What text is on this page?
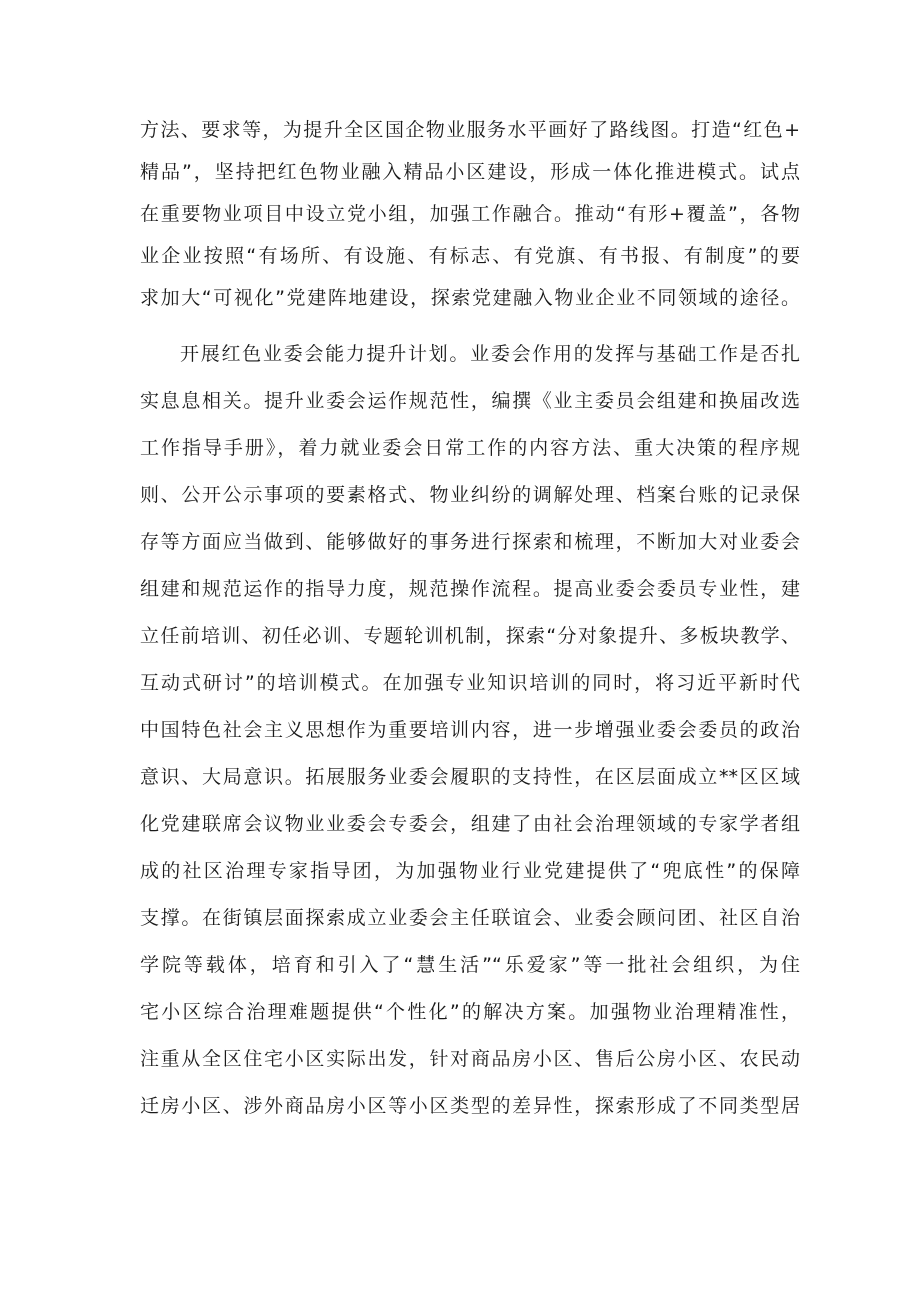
方法、要求等，为提升全区国企物业服务水平画好了路线图。打造“红色+
精品”，坚持把红色物业融入精品小区建设，形成一体化推进模式。试点
在重要物业项目中设立党小组，加强工作融合。推动“有形+覆盖”，各物
业企业按照“有场所、有设施、有标志、有党旗、有书报、有制度”的要
求加大“可视化”党建阵地建设，探索党建融入物业企业不同领域的途径。
开展红色业委会能力提升计划。业委会作用的发挥与基础工作是否扎
实息息相关。提升业委会运作规范性，编撰《业主委员会组建和换届改选
工作指导手册》，着力就业委会日常工作的内容方法、重大决策的程序规
则、公开公示事项的要素格式、物业纠纷的调解处理、档案台账的记录保
存等方面应当做到、能够做好的事务进行探索和梳理，不断加大对业委会
组建和规范运作的指导力度，规范操作流程。提高业委会委员专业性，建
立任前培训、初任必训、专题轮训机制，探索“分对象提升、多板块教学、
互动式研讨”的培训模式。在加强专业知识培训的同时，将习近平新时代
中国特色社会主义思想作为重要培训内容，进一步增强业委会委员的政治
意识、大局意识。拓展服务业委会履职的支持性，在区层面成立**区区域
化党建联席会议物业业委会专委会，组建了由社会治理领域的专家学者组
成的社区治理专家指导团，为加强物业行业党建提供了“兜底性”的保障
支撑。在街镇层面探索成立业委会主任联谊会、业委会顾问团、社区自治
学院等载体，培育和引入了“慧生活”“乐爱家”等一批社会组织，为住
宅小区综合治理难题提供“个性化”的解决方案。加强物业治理精准性，
注重从全区住宅小区实际出发，针对商品房小区、售后公房小区、农民动
迁房小区、涉外商品房小区等小区类型的差异性，探索形成了不同类型居
